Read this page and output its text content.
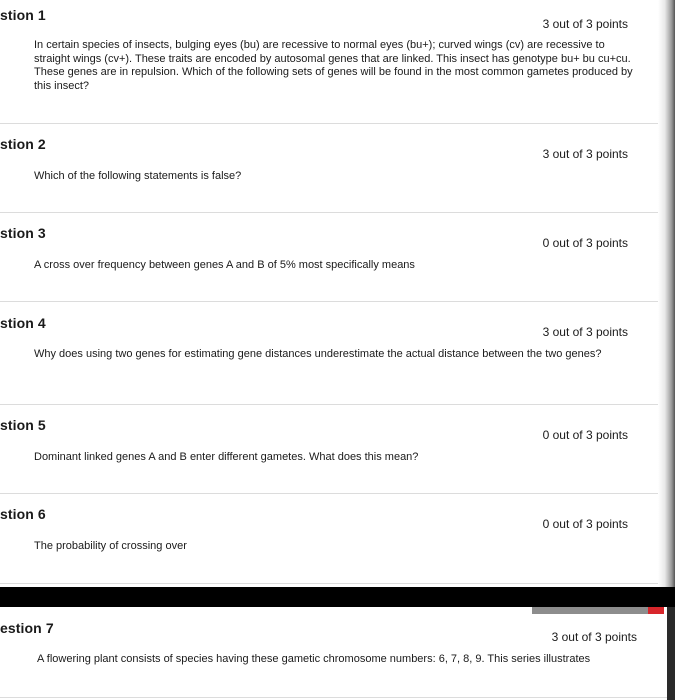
stion 1
3 out of 3 points
In certain species of insects, bulging eyes (bu) are recessive to normal eyes (bu+); curved wings (cv) are recessive to straight wings (cv+). These traits are encoded by autosomal genes that are linked. This insect has genotype bu+ bu cu+cu. These genes are in repulsion. Which of the following sets of genes will be found in the most common gametes produced by this insect?
stion 2
3 out of 3 points
Which of the following statements is false?
stion 3
0 out of 3 points
A cross over frequency between genes A and B of 5% most specifically means
stion 4
3 out of 3 points
Why does using two genes for estimating gene distances underestimate the actual distance between the two genes?
stion 5
0 out of 3 points
Dominant linked genes A and B enter different gametes. What does this mean?
stion 6
0 out of 3 points
The probability of crossing over
estion 7
3 out of 3 points
A flowering plant consists of species having these gametic chromosome numbers: 6, 7, 8, 9. This series illustrates
